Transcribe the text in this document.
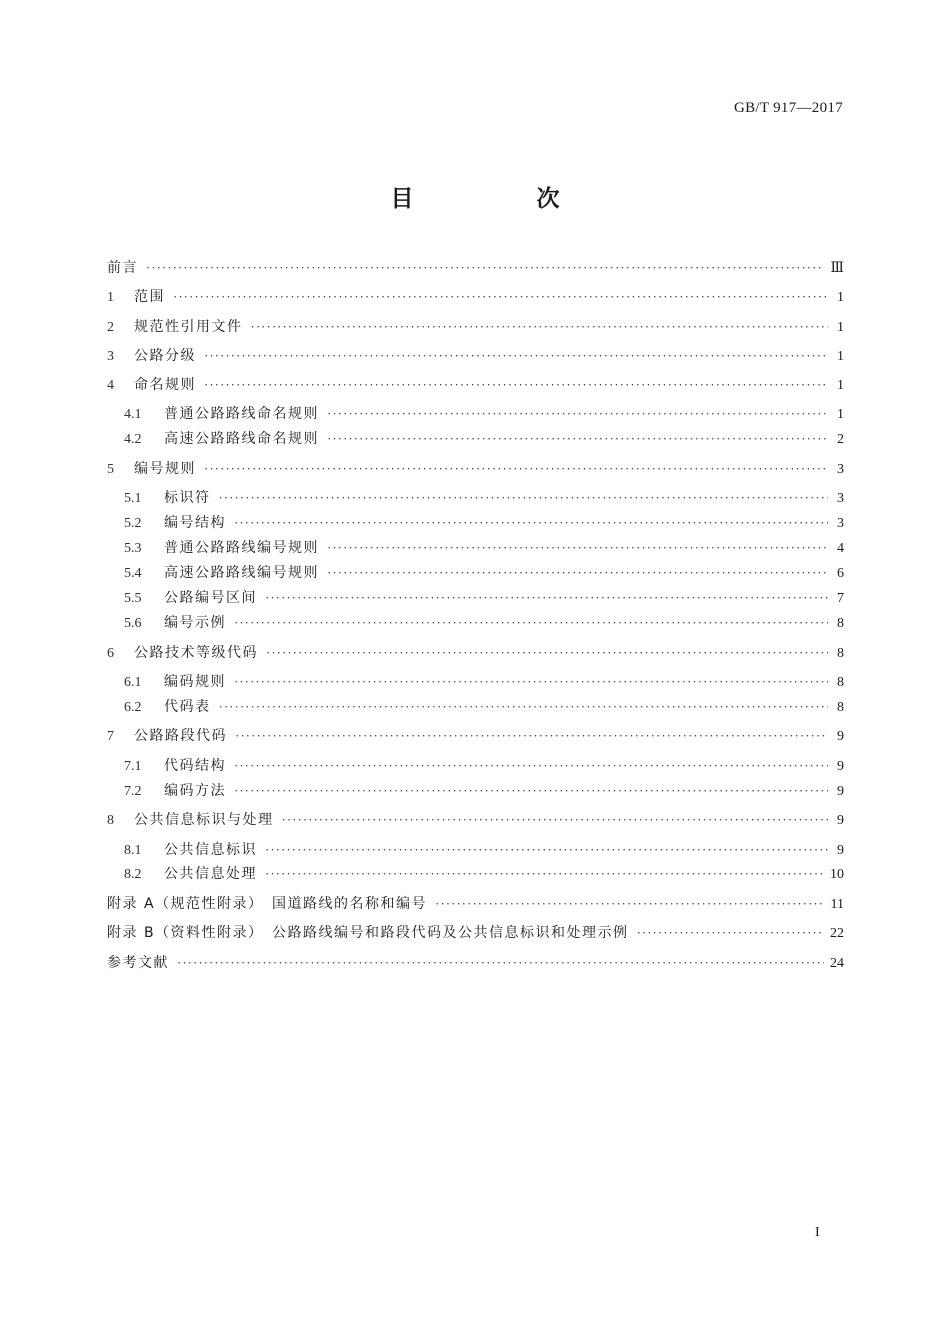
GB/T 917—2017
目　次
前言 ·····	Ⅲ
1	范围 ·····	1
2	规范性引用文件 ·····	1
3	公路分级 ·····	1
4	命名规则 ·····	1
4.1	普通公路路线命名规则 ·····	1
4.2	高速公路路线命名规则 ·····	2
5	编号规则 ·····	3
5.1	标识符 ·····	3
5.2	编号结构 ·····	3
5.3	普通公路路线编号规则 ·····	4
5.4	高速公路路线编号规则 ·····	6
5.5	公路编号区间 ·····	7
5.6	编号示例 ·····	8
6	公路技术等级代码 ·····	8
6.1	编码规则 ·····	8
6.2	代码表 ·····	8
7	公路路段代码 ·····	9
7.1	代码结构 ·····	9
7.2	编码方法 ·····	9
8	公共信息标识与处理 ·····	9
8.1	公共信息标识 ·····	9
8.2	公共信息处理 ·····	10
附录 A（规范性附录）　国道路线的名称和编号 ·····	11
附录 B（资料性附录）　公路路线编号和路段代码及公共信息标识和处理示例 ·····	22
参考文献 ·····	24
I
